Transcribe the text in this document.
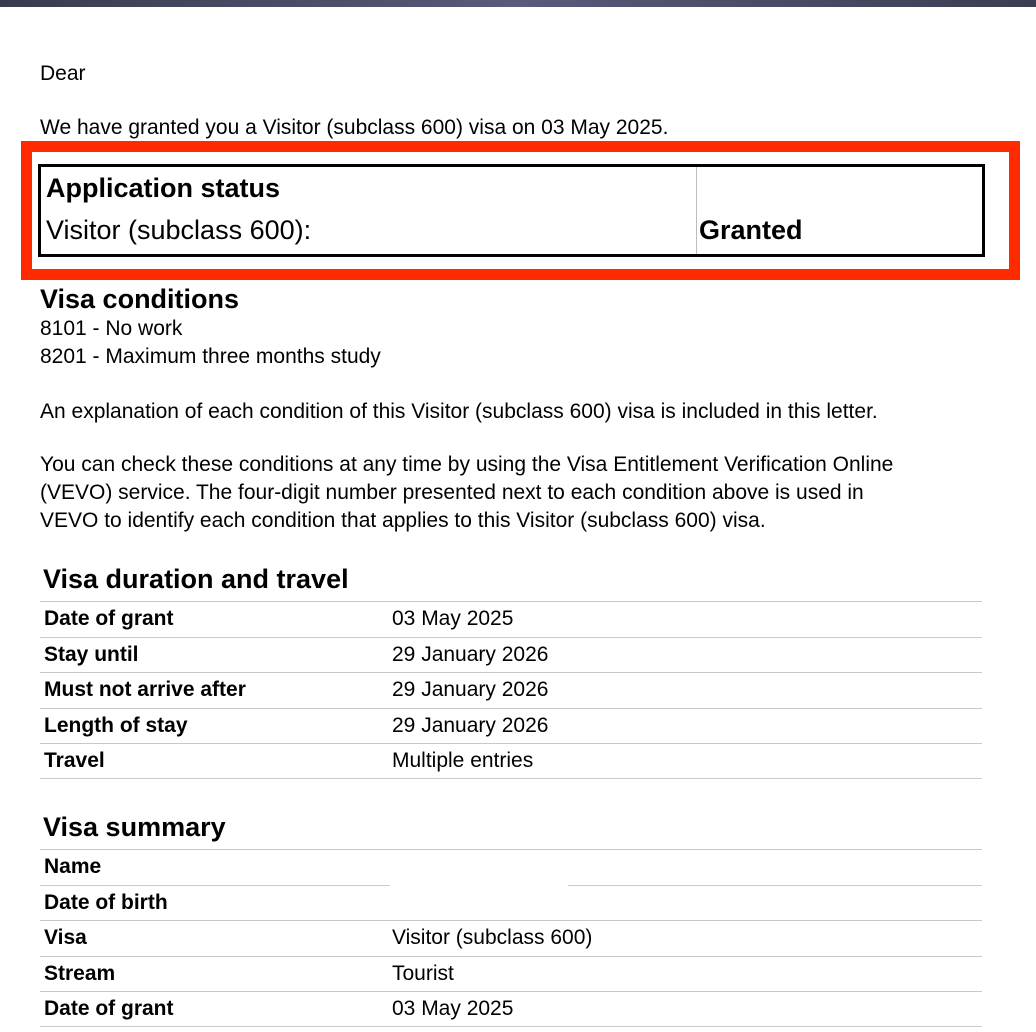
Dear
We have granted you a Visitor (subclass 600) visa on 03 May 2025.
Application status
Visitor (subclass 600):	Granted
Visa conditions
8101 - No work
8201 - Maximum three months study
An explanation of each condition of this Visitor (subclass 600) visa is included in this letter.
You can check these conditions at any time by using the Visa Entitlement Verification Online
(VEVO) service. The four-digit number presented next to each condition above is used in
VEVO to identify each condition that applies to this Visitor (subclass 600) visa.
Visa duration and travel
Date of grant	03 May 2025
Stay until	29 January 2026
Must not arrive after	29 January 2026
Length of stay	29 January 2026
Travel	Multiple entries
Visa summary
Name
Date of birth
Visa	Visitor (subclass 600)
Stream	Tourist
Date of grant	03 May 2025
